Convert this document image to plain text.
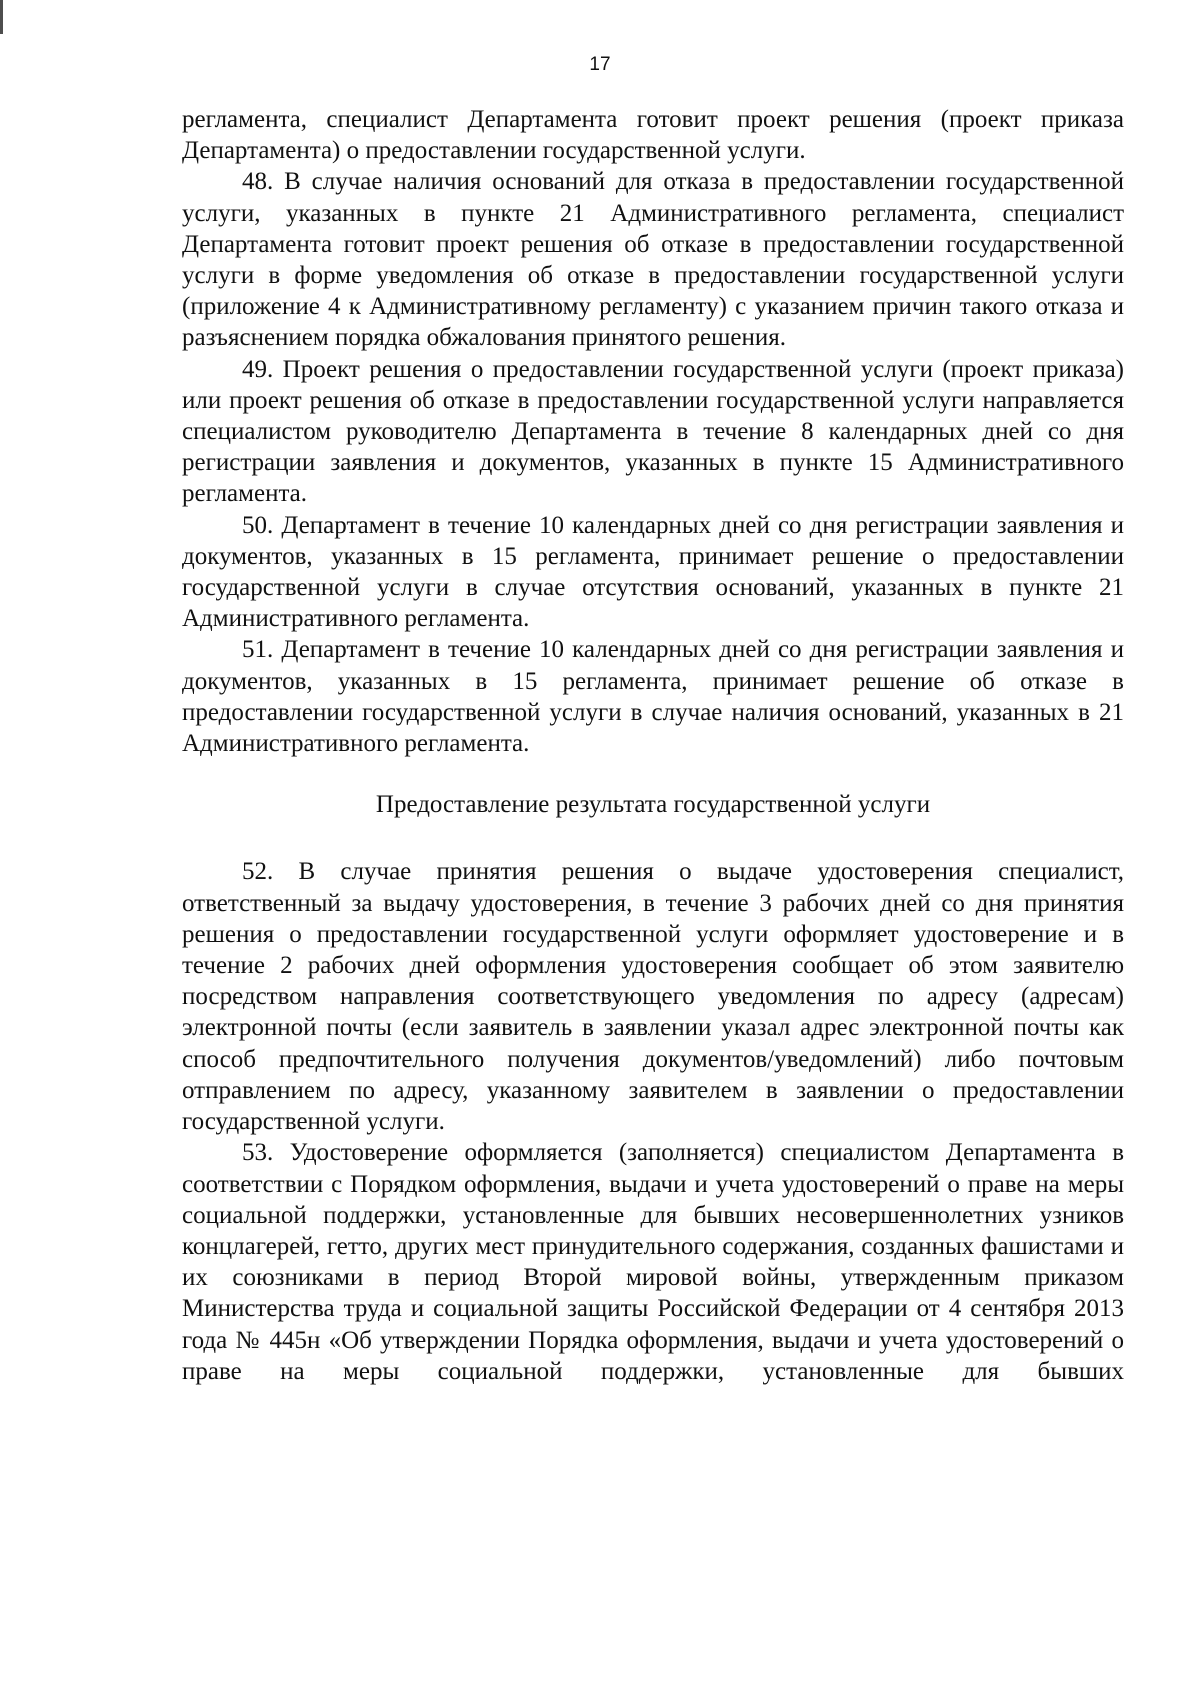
17

регламента, специалист Департамента готовит проект решения (проект приказа Департамента) о предоставлении государственной услуги.

48. В случае наличия оснований для отказа в предоставлении государственной услуги, указанных в пункте 21 Административного регламента, специалист Департамента готовит проект решения об отказе в предоставлении государственной услуги в форме уведомления об отказе в предоставлении государственной услуги (приложение 4 к Административному регламенту) с указанием причин такого отказа и разъяснением порядка обжалования принятого решения.

49. Проект решения о предоставлении государственной услуги (проект приказа) или проект решения об отказе в предоставлении государственной услуги направляется специалистом руководителю Департамента в течение 8 календарных дней со дня регистрации заявления и документов, указанных в пункте 15 Административного регламента.

50. Департамент в течение 10 календарных дней со дня регистрации заявления и документов, указанных в 15 регламента, принимает решение о предоставлении государственной услуги в случае отсутствия оснований, указанных в пункте 21 Административного регламента.

51. Департамент в течение 10 календарных дней со дня регистрации заявления и документов, указанных в 15 регламента, принимает решение об отказе в предоставлении государственной услуги в случае наличия оснований, указанных в 21 Административного регламента.

Предоставление результата государственной услуги

52. В случае принятия решения о выдаче удостоверения специалист, ответственный за выдачу удостоверения, в течение 3 рабочих дней со дня принятия решения о предоставлении государственной услуги оформляет удостоверение и в течение 2 рабочих дней оформления удостоверения сообщает об этом заявителю посредством направления соответствующего уведомления по адресу (адресам) электронной почты (если заявитель в заявлении указал адрес электронной почты как способ предпочтительного получения документов/уведомлений) либо почтовым отправлением по адресу, указанному заявителем в заявлении о предоставлении государственной услуги.

53. Удостоверение оформляется (заполняется) специалистом Департамента в соответствии с Порядком оформления, выдачи и учета удостоверений о праве на меры социальной поддержки, установленные для бывших несовершеннолетних узников концлагерей, гетто, других мест принудительного содержания, созданных фашистами и их союзниками в период Второй мировой войны, утвержденным приказом Министерства труда и социальной защиты Российской Федерации от 4 сентября 2013 года № 445н «Об утверждении Порядка оформления, выдачи и учета удостоверений о праве на меры социальной поддержки, установленные для бывших
